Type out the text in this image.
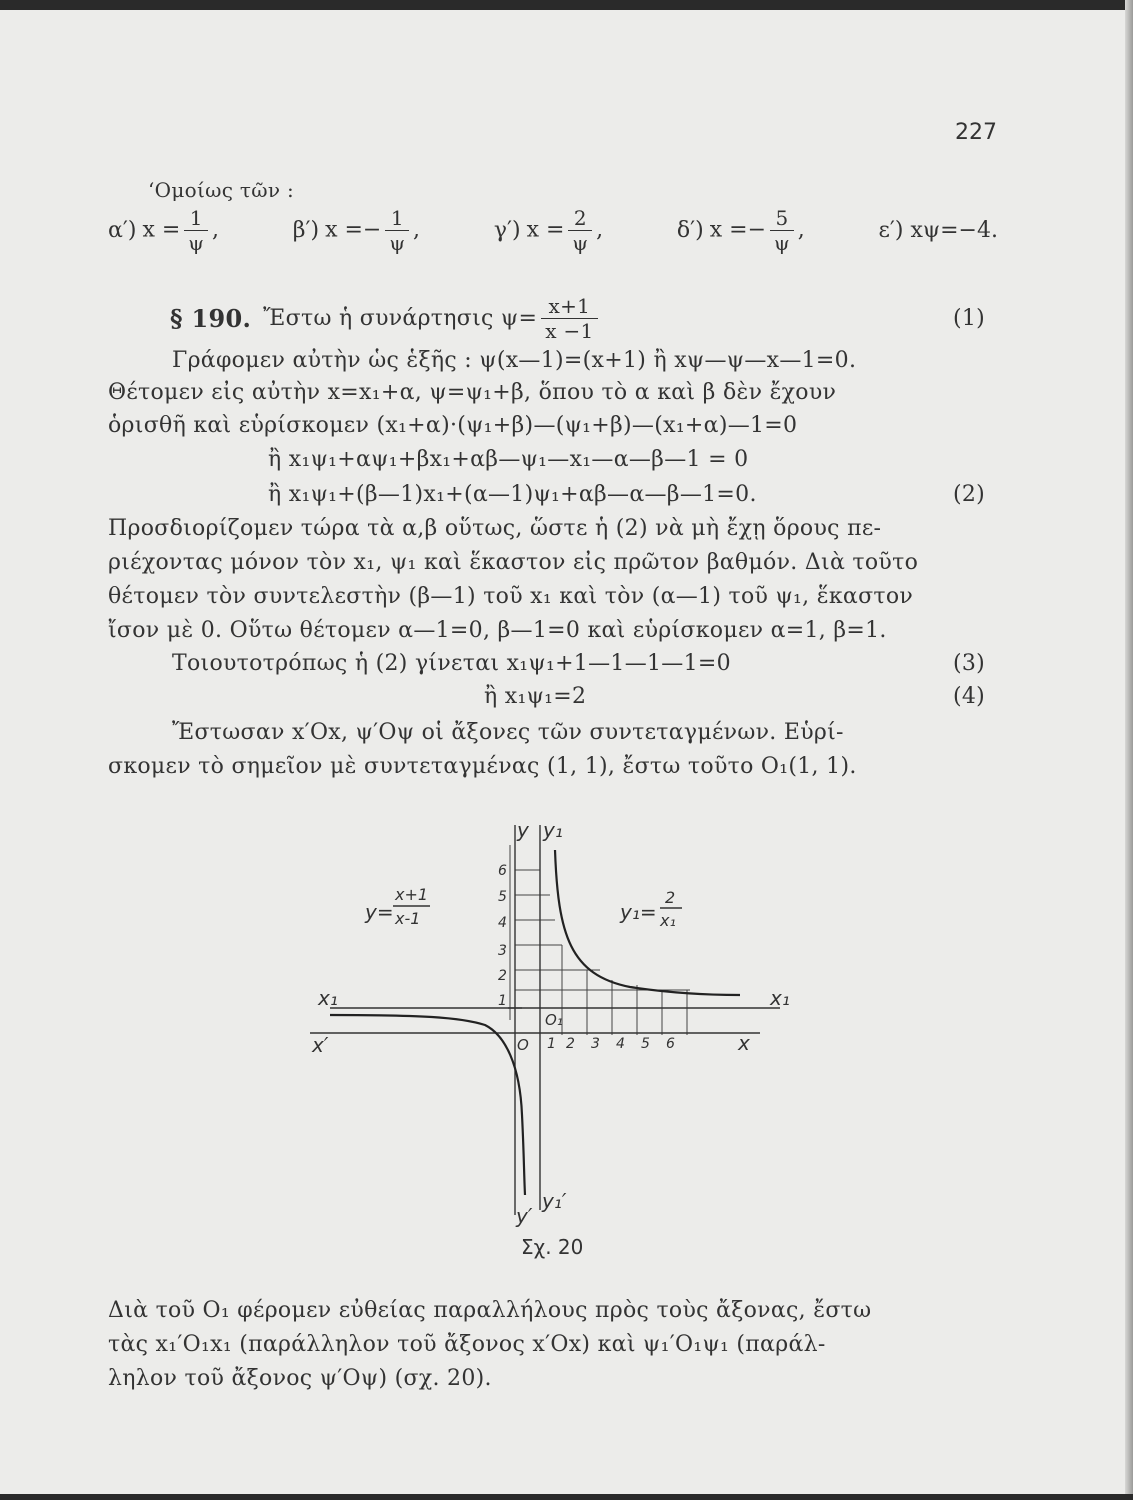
227
‘Ομοίως τῶν :
α′) $x = \frac{1}{\psi}$ ,	β′) $x =- \frac{1}{\psi}$ ,	γ′) $x = \frac{2}{\psi}$ ,	δ′) $x =- \frac{5}{\psi}$ ,	ε′) xψ=−4.
§ 190. Ἔστω ἡ συνάρτησις $\psi= \frac{x+1}{x -1}$	(1)
Γράφομεν αὐτὴν ὡς ἑξῆς : ψ(x—1)=(x+1) ἢ xψ—ψ—x—1=0.
Θέτομεν εἰς αὐτὴν x=x₁+α, ψ=ψ₁+β, ὅπου τὸ α καὶ β δὲν ἔχουν
ὁρισθῆ καὶ εὑρίσκομεν (x₁+α)·(ψ₁+β)—(ψ₁+β)—(x₁+α)—1=0
ἢ x₁ψ₁+αψ₁+βx₁+αβ—ψ₁—x₁—α—β—1 = 0
ἢ x₁ψ₁+(β—1)x₁+(α—1)ψ₁+αβ—α—β—1=0.	(2)
Προσδιορίζομεν τώρα τὰ α,β οὕτως, ὥστε ἡ (2) νὰ μὴ ἔχῃ ὅρους πε-
ριέχοντας μόνον τὸν x₁, ψ₁ καὶ ἕκαστον εἰς πρῶτον βαθμόν. Διὰ τοῦτο
θέτομεν τὸν συντελεστὴν (β—1) τοῦ x₁ καὶ τὸν (α—1) τοῦ ψ₁, ἕκαστον
ἴσον μὲ 0. Οὕτω θέτομεν α—1=0, β—1=0 καὶ εὑρίσκομεν α=1, β=1.
Τοιουτοτρόπως ἡ (2) γίνεται x₁ψ₁+1—1—1—1=0	(3)
ἢ x₁ψ₁=2	(4)
Ἔστωσαν x′Ox, ψ′Oψ οἱ ἄξονες τῶν συντεταγμένων. Εὑρί-
σκομεν τὸ σημεῖον μὲ συντεταγμένας (1, 1), ἔστω τοῦτο O₁(1, 1).
y y₁
x₁
x
x′
x₁
y′
y₁′
O
O₁
y=
x+1
x-1	y₁=
2
x₁
1 2 3 4 5 6
1
2
3
4
5
6
Σχ. 20
Διὰ τοῦ O₁ φέρομεν εὐθείας παραλλήλους πρὸς τοὺς ἄξονας, ἔστω
τὰς x₁′O₁x₁ (παράλληλον τοῦ ἄξονος x′Ox) καὶ ψ₁′O₁ψ₁ (παράλ-
ληλον τοῦ ἄξονος ψ′Oψ) (σχ. 20).
